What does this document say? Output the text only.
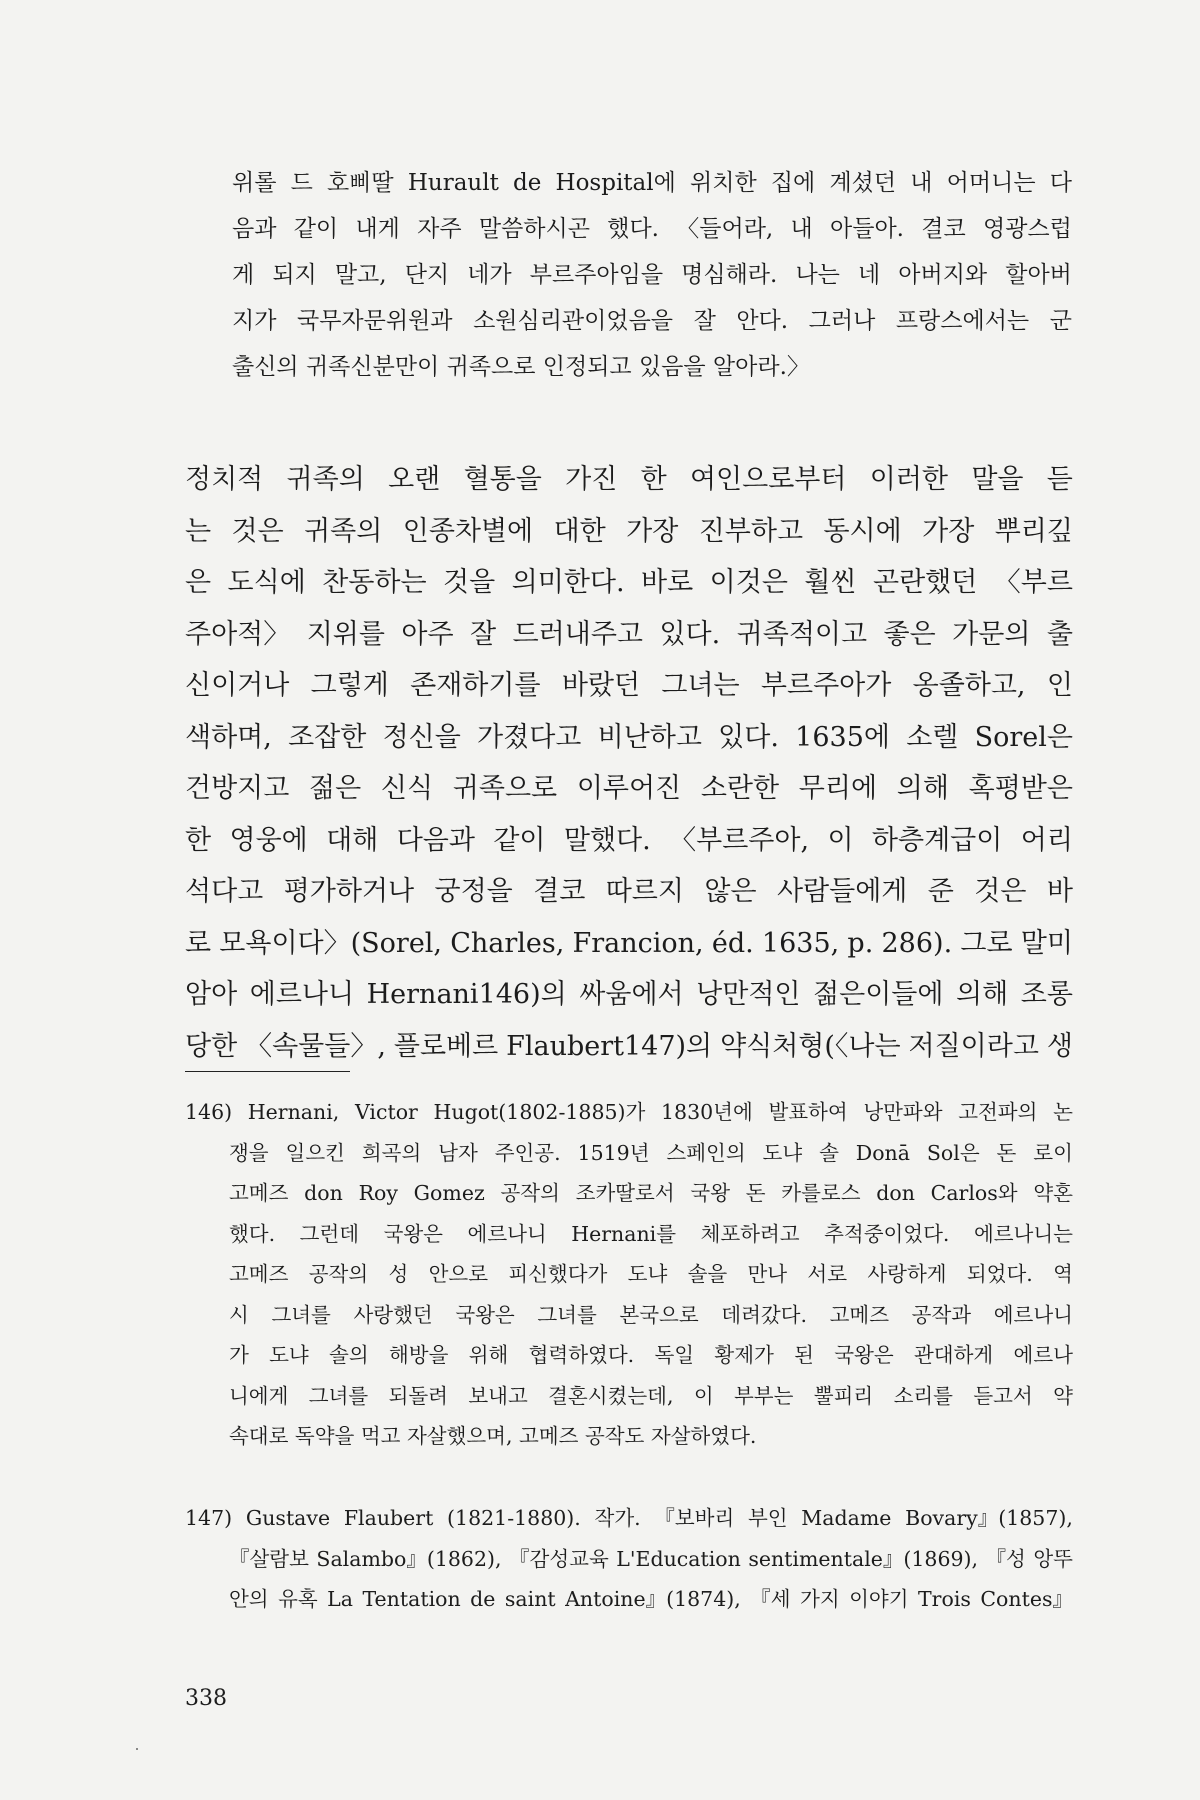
위롤 드 호삐딸 Hurault de Hospital에 위치한 집에 계셨던 내 어머니는 다
음과 같이 내게 자주 말씀하시곤 했다. 〈들어라, 내 아들아. 결코 영광스럽
게 되지 말고, 단지 네가 부르주아임을 명심해라. 나는 네 아버지와 할아버
지가 국무자문위원과 소원심리관이었음을 잘 안다. 그러나 프랑스에서는 군
출신의 귀족신분만이 귀족으로 인정되고 있음을 알아라.〉
정치적 귀족의 오랜 혈통을 가진 한 여인으로부터 이러한 말을 듣
는 것은 귀족의 인종차별에 대한 가장 진부하고 동시에 가장 뿌리깊
은 도식에 찬동하는 것을 의미한다. 바로 이것은 훨씬 곤란했던 〈부르
주아적〉 지위를 아주 잘 드러내주고 있다. 귀족적이고 좋은 가문의 출
신이거나 그렇게 존재하기를 바랐던 그녀는 부르주아가 옹졸하고, 인
색하며, 조잡한 정신을 가졌다고 비난하고 있다. 1635에 소렐 Sorel은
건방지고 젊은 신식 귀족으로 이루어진 소란한 무리에 의해 혹평받은
한 영웅에 대해 다음과 같이 말했다. 〈부르주아, 이 하층계급이 어리
석다고 평가하거나 궁정을 결코 따르지 않은 사람들에게 준 것은 바
로 모욕이다〉(Sorel, Charles, Francion, éd. 1635, p. 286). 그로 말미
암아 에르나니 Hernani146)의 싸움에서 낭만적인 젊은이들에 의해 조롱
당한 〈속물들〉, 플로베르 Flaubert147)의 약식처형(〈나는 저질이라고 생
146) Hernani, Victor Hugot(1802-1885)가 1830년에 발표하여 낭만파와 고전파의 논
쟁을 일으킨 희곡의 남자 주인공. 1519년 스페인의 도냐 솔 Donā Sol은 돈 로이
고메즈 don Roy Gomez 공작의 조카딸로서 국왕 돈 카를로스 don Carlos와 약혼
했다. 그런데 국왕은 에르나니 Hernani를 체포하려고 추적중이었다. 에르나니는
고메즈 공작의 성 안으로 피신했다가 도냐 솔을 만나 서로 사랑하게 되었다. 역
시 그녀를 사랑했던 국왕은 그녀를 본국으로 데려갔다. 고메즈 공작과 에르나니
가 도냐 솔의 해방을 위해 협력하였다. 독일 황제가 된 국왕은 관대하게 에르나
니에게 그녀를 되돌려 보내고 결혼시켰는데, 이 부부는 뿔피리 소리를 듣고서 약
속대로 독약을 먹고 자살했으며, 고메즈 공작도 자살하였다.
147) Gustave Flaubert (1821-1880). 작가. 『보바리 부인 Madame Bovary』(1857),
『살람보 Salambo』(1862), 『감성교육 L'Education sentimentale』(1869), 『성 앙뚜
안의 유혹 La Tentation de saint Antoine』(1874), 『세 가지 이야기 Trois Contes』
338
